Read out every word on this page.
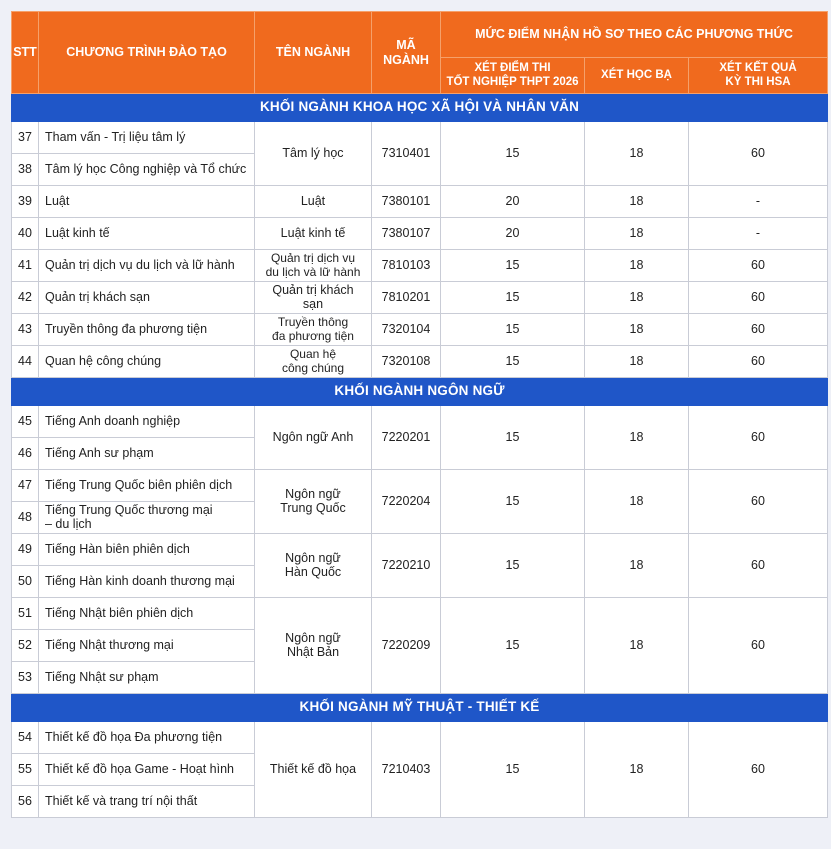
STT	CHƯƠNG TRÌNH ĐÀO TẠO	TÊN NGÀNH	MÃ
NGÀNH	MỨC ĐIỂM NHẬN HỒ SƠ THEO CÁC PHƯƠNG THỨC		
				XÉT ĐIỂM THI
TỐT NGHIỆP THPT 2026	XÉT HỌC BẠ	XÉT KẾT QUẢ
KỲ THI HSA
KHỐI NGÀNH KHOA HỌC XÃ HỘI VÀ NHÂN VĂN						
37	Tham vấn - Trị liệu tâm lý	Tâm lý học	7310401	15	18	60
38	Tâm lý học Công nghiệp và Tổ chức					
39	Luật	Luật	7380101	20	18	-
40	Luật kinh tế	Luật kinh tế	7380107	20	18	-
41	Quản trị dịch vụ du lịch và lữ hành	Quản trị dịch vụ
du lịch và lữ hành	7810103	15	18	60
42	Quản trị khách sạn	Quản trị khách sạn	7810201	15	18	60
43	Truyền thông đa phương tiện	Truyền thông
đa phương tiện	7320104	15	18	60
44	Quan hệ công chúng	Quan hệ
công chúng	7320108	15	18	60
KHỐI NGÀNH NGÔN NGỮ						
45	Tiếng Anh doanh nghiệp	Ngôn ngữ Anh	7220201	15	18	60
46	Tiếng Anh sư phạm					
47	Tiếng Trung Quốc biên phiên dịch	Ngôn ngữ
Trung Quốc	7220204	15	18	60
48	Tiếng Trung Quốc thương mại
– du lịch					
49	Tiếng Hàn biên phiên dịch	Ngôn ngữ
Hàn Quốc	7220210	15	18	60
50	Tiếng Hàn kinh doanh thương mại					
51	Tiếng Nhật biên phiên dịch	Ngôn ngữ
Nhật Bản	7220209	15	18	60
52	Tiếng Nhật thương mại					
53	Tiếng Nhật sư phạm					
KHỐI NGÀNH MỸ THUẬT - THIẾT KẾ						
54	Thiết kế đồ họa Đa phương tiện	Thiết kế đồ họa	7210403	15	18	60
55	Thiết kế đồ họa Game - Hoạt hình					
56	Thiết kế và trang trí nội thất					
